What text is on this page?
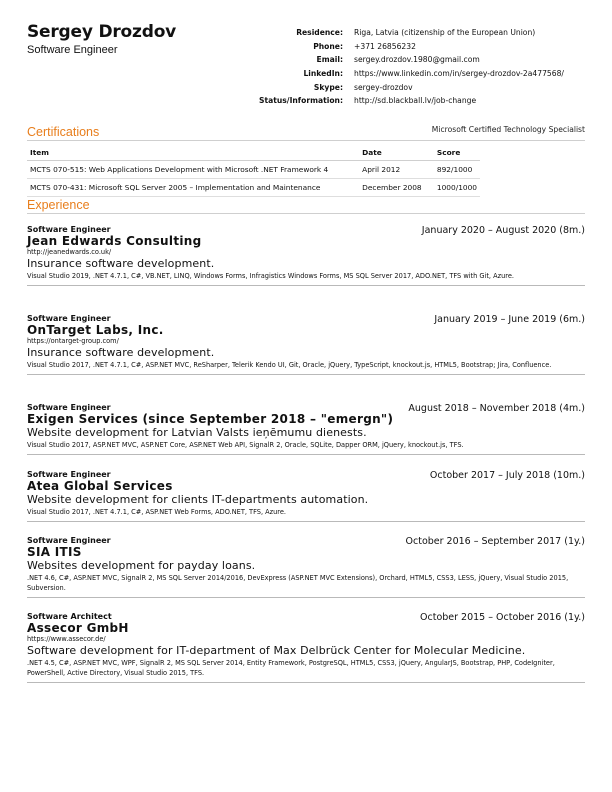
Sergey Drozdov
Software Engineer
Residence:	Riga, Latvia (citizenship of the European Union)
Phone:	+371 26856232
Email:	sergey.drozdov.1980@gmail.com
LinkedIn:	https://www.linkedin.com/in/sergey-drozdov-2a477568/
Skype:	sergey-drozdov
Status/Information:	http://sd.blackball.lv/job-change
Certifications	Microsoft Certified Technology Specialist
Item	Date	Score
MCTS 070-515: Web Applications Development with Microsoft .NET Framework 4	April 2012	892/1000
MCTS 070-431: Microsoft SQL Server 2005 – Implementation and Maintenance	December 2008	1000/1000
Experience
Software Engineer	January 2020 – August 2020 (8m.)
Jean Edwards Consulting
http://jeanedwards.co.uk/
Insurance software development.
Visual Studio 2019, .NET 4.7.1, C#, VB.NET, LINQ, Windows Forms, Infragistics Windows Forms, MS SQL Server 2017, ADO.NET, TFS with Git, Azure.
Software Engineer	January 2019 – June 2019 (6m.)
OnTarget Labs, Inc.
https://ontarget-group.com/
Insurance software development.
Visual Studio 2017, .NET 4.7.1, C#, ASP.NET MVC, ReSharper, Telerik Kendo UI, Git, Oracle, jQuery, TypeScript, knockout.js, HTML5, Bootstrap; Jira, Confluence.
Software Engineer	August 2018 – November 2018 (4m.)
Exigen Services (since September 2018 – "emergn")
Website development for Latvian Valsts ieņēmumu dienests.
Visual Studio 2017, ASP.NET MVC, ASP.NET Core, ASP.NET Web API, SignalR 2, Oracle, SQLite, Dapper ORM, jQuery, knockout.js, TFS.
Software Engineer	October 2017 – July 2018 (10m.)
Atea Global Services
Website development for clients IT-departments automation.
Visual Studio 2017, .NET 4.7.1, C#, ASP.NET Web Forms, ADO.NET, TFS, Azure.
Software Engineer	October 2016 – September 2017 (1y.)
SIA ITIS
Websites development for payday loans.
.NET 4.6, C#, ASP.NET MVC, SignalR 2, MS SQL Server 2014/2016, DevExpress (ASP.NET MVC Extensions), Orchard, HTML5, CSS3, LESS, jQuery, Visual Studio 2015, Subversion.
Software Architect	October 2015 – October 2016 (1y.)
Assecor GmbH
https://www.assecor.de/
Software development for IT-department of Max Delbrück Center for Molecular Medicine.
.NET 4.5, C#, ASP.NET MVC, WPF, SignalR 2, MS SQL Server 2014, Entity Framework, PostgreSQL, HTML5, CSS3, jQuery, AngularJS, Bootstrap, PHP, CodeIgniter, PowerShell, Active Directory, Visual Studio 2015, TFS.
